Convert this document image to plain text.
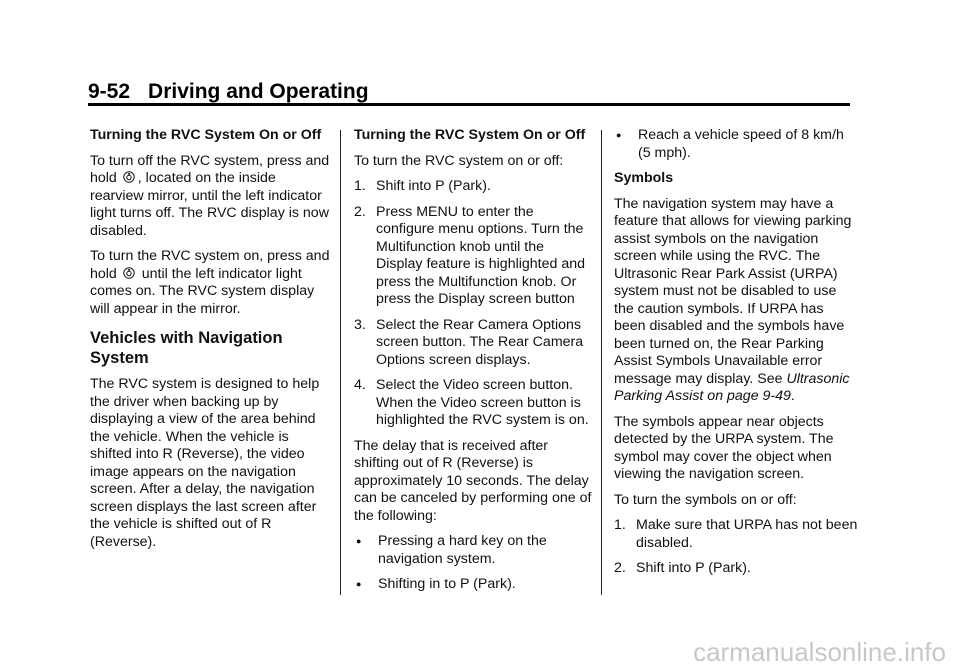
9-52 Driving and Operating
Turning the RVC System On or Off

To turn off the RVC system, press and hold , located on the inside rearview mirror, until the left indicator light turns off. The RVC display is now disabled.

To turn the RVC system on, press and hold until the left indicator light comes on. The RVC system display will appear in the mirror.

Vehicles with Navigation System

The RVC system is designed to help the driver when backing up by displaying a view of the area behind the vehicle. When the vehicle is shifted into R (Reverse), the video image appears on the navigation screen. After a delay, the navigation screen displays the last screen after the vehicle is shifted out of R (Reverse).

Turning the RVC System On or Off

To turn the RVC system on or off:

1. Shift into P (Park).
2. Press MENU to enter the configure menu options. Turn the Multifunction knob until the Display feature is highlighted and press the Multifunction knob. Or press the Display screen button
3. Select the Rear Camera Options screen button. The Rear Camera Options screen displays.
4. Select the Video screen button. When the Video screen button is highlighted the RVC system is on.

The delay that is received after shifting out of R (Reverse) is approximately 10 seconds. The delay can be canceled by performing one of the following:

●	Pressing a hard key on the navigation system.
●	Shifting in to P (Park).
●	Reach a vehicle speed of 8 km/h (5 mph).
Symbols

The navigation system may have a feature that allows for viewing parking assist symbols on the navigation screen while using the RVC. The Ultrasonic Rear Park Assist (URPA) system must not be disabled to use the caution symbols. If URPA has been disabled and the symbols have been turned on, the Rear Parking Assist Symbols Unavailable error message may display. See Ultrasonic Parking Assist on page 9-49.

The symbols appear near objects detected by the URPA system. The symbol may cover the object when viewing the navigation screen.

To turn the symbols on or off:

1. Make sure that URPA has not been disabled.
2. Shift into P (Park).
carmanualsonline.info
